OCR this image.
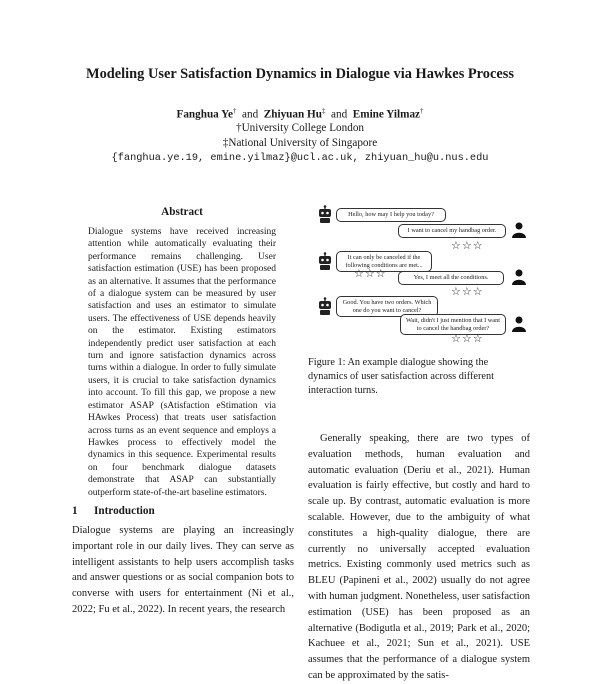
Modeling User Satisfaction Dynamics in Dialogue via Hawkes Process
Fanghua Ye† and Zhiyuan Hu‡ and Emine Yilmaz†
†University College London
‡National University of Singapore
{fanghua.ye.19, emine.yilmaz}@ucl.ac.uk, zhiyuan_hu@u.nus.edu
Abstract
Dialogue systems have received increasing attention while automatically evaluating their performance remains challenging. User satisfaction estimation (USE) has been proposed as an alternative. It assumes that the performance of a dialogue system can be measured by user satisfaction and uses an estimator to simulate users. The effectiveness of USE depends heavily on the estimator. Existing estimators independently predict user satisfaction at each turn and ignore satisfaction dynamics across turns within a dialogue. In order to fully simulate users, it is crucial to take satisfaction dynamics into account. To fill this gap, we propose a new estimator ASAP (sAtisfaction eStimation via HAwkes Process) that treats user satisfaction across turns as an event sequence and employs a Hawkes process to effectively model the dynamics in this sequence. Experimental results on four benchmark dialogue datasets demonstrate that ASAP can substantially outperform state-of-the-art baseline estimators.
1 Introduction
Dialogue systems are playing an increasingly important role in our daily lives. They can serve as intelligent assistants to help users accomplish tasks and answer questions or as social companion bots to converse with users for entertainment (Ni et al., 2022; Fu et al., 2022). In recent years, the research
Hello, how may I help you today?
I want to cancel my handbag order.
☆☆☆
It can only be canceled if the following conditions are met...
☆☆☆	Yes, I meet all the conditions.
☆☆☆
Good. You have two orders. Which one do you want to cancel?
Wait, didn't I just mention that I want to cancel the handbag order?
☆☆☆
Figure 1: An example dialogue showing the dynamics of user satisfaction across different interaction turns.
Generally speaking, there are two types of evaluation methods, human evaluation and automatic evaluation (Deriu et al., 2021). Human evaluation is fairly effective, but costly and hard to scale up. By contrast, automatic evaluation is more scalable. However, due to the ambiguity of what constitutes a high-quality dialogue, there are currently no universally accepted evaluation metrics. Existing commonly used metrics such as BLEU (Papineni et al., 2002) usually do not agree with human judgment. Nonetheless, user satisfaction estimation (USE) has been proposed as an alternative (Bodigutla et al., 2019; Park et al., 2020; Kachuee et al., 2021; Sun et al., 2021). USE assumes that the performance of a dialogue system can be approximated by the satis-
